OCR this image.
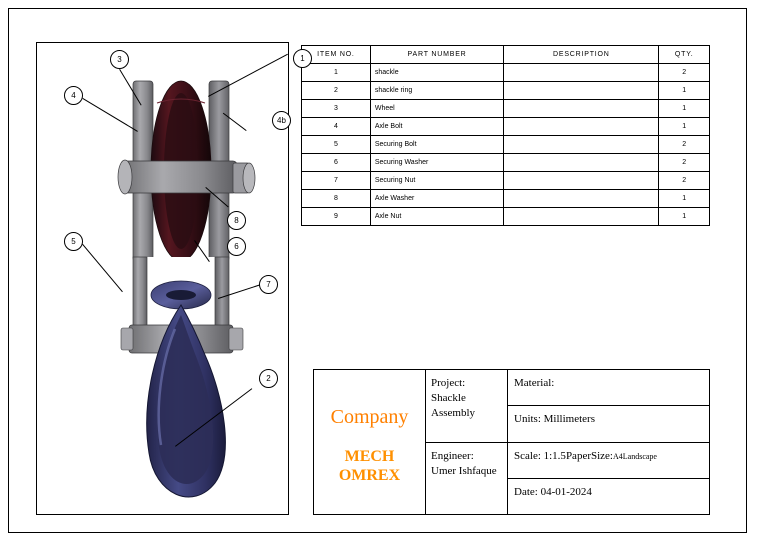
1
2
3
4
4b
5
6
7
8
ITEM NO.	PART NUMBER	DESCRIPTION	QTY.
1	shackle		2
2	shackle ring		1
3	Wheel		1
4	Axle Bolt		1
5	Securing Bolt		2
6	Securing Washer		2
7	Securing Nut		2
8	Axle Washer		1
9	Axle Nut		1
Company
MECH
OMREX
Project:
Shackle Assembly
Engineer:
Umer Ishfaque
Material:
Units: Millimeters
Scale: 1:1.5 PaperSize: A4Landscape
Date: 04-01-2024
